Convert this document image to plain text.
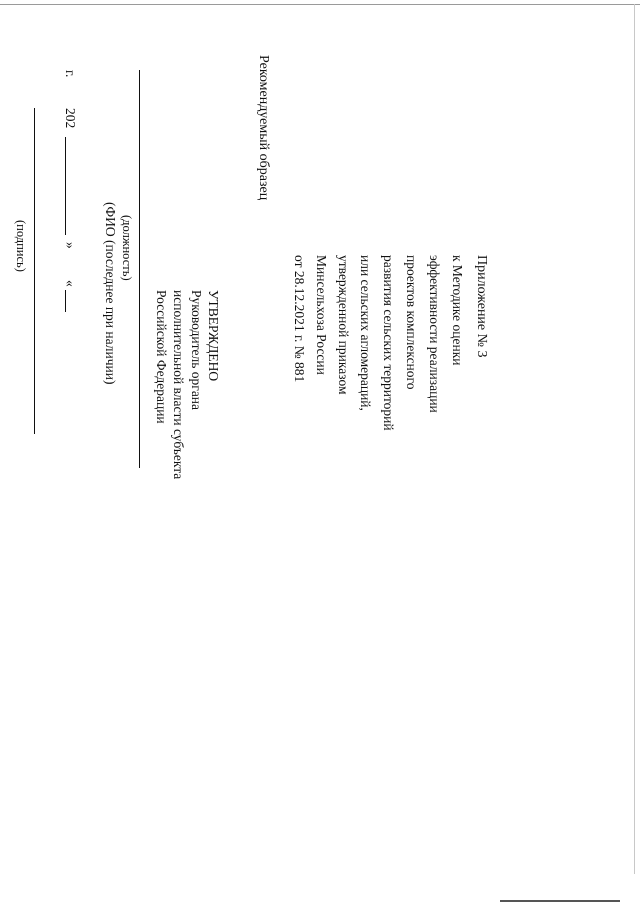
Приложение № 3
к Методике оценки
эффективности реализации
проектов комплексного
развития сельских территорий
или сельских агломераций,
утвержденной приказом
Минсельхоза России
от 28.12.2021 г. № 881
Рекомендуемый образец
УТВЕРЖДЕНО
Руководитель органа
исполнительной власти субъекта
Российской Федерации
(должность)
(ФИО (последнее при наличии)
«
»
202
г.
(подпись)
